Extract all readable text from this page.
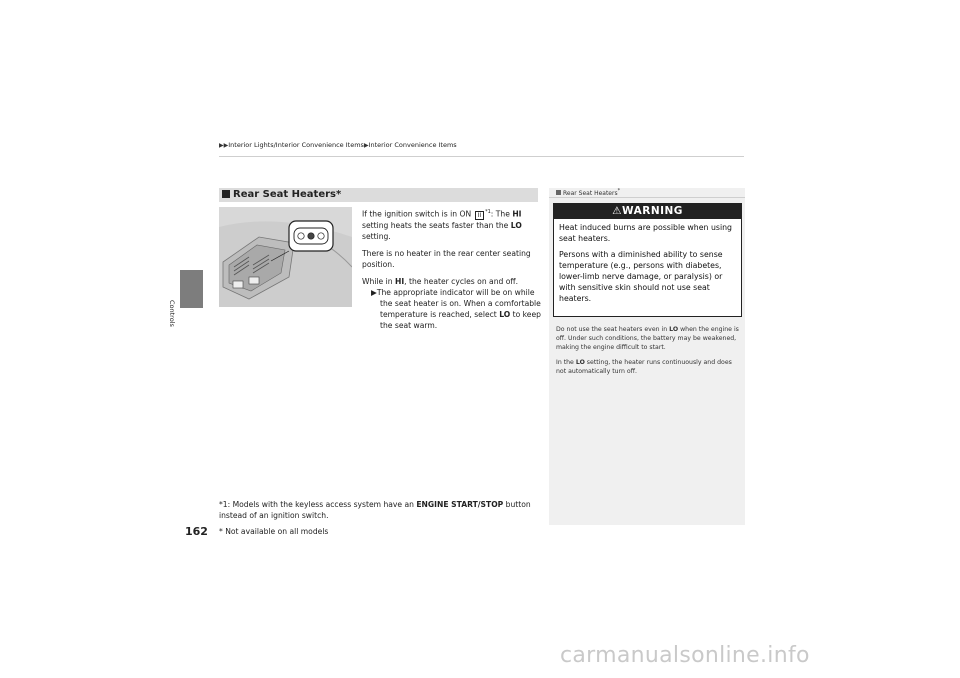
▶▶Interior Lights/Interior Convenience Items▶Interior Convenience Items
Controls
162
Rear Seat Heaters*

If the ignition switch is in ON II $^{*1}$: The HI setting heats the seats faster than the LO setting.

There is no heater in the rear center seating position.

While in HI, the heater cycles on and off.

▶The appropriate indicator will be on while the seat heater is on. When a comfortable temperature is reached, select LO to keep the seat warm.

*1: Models with the keyless access system have an ENGINE START/STOP button instead of an ignition switch.
* Not available on all models
Rear Seat Heaters*
⚠WARNING

Heat induced burns are possible when using seat heaters.

Persons with a diminished ability to sense temperature (e.g., persons with diabetes, lower-limb nerve damage, or paralysis) or with sensitive skin should not use seat heaters.

Do not use the seat heaters even in LO when the engine is off. Under such conditions, the battery may be weakened, making the engine difficult to start.

In the LO setting, the heater runs continuously and does not automatically turn off.

carmanualsonline.info
